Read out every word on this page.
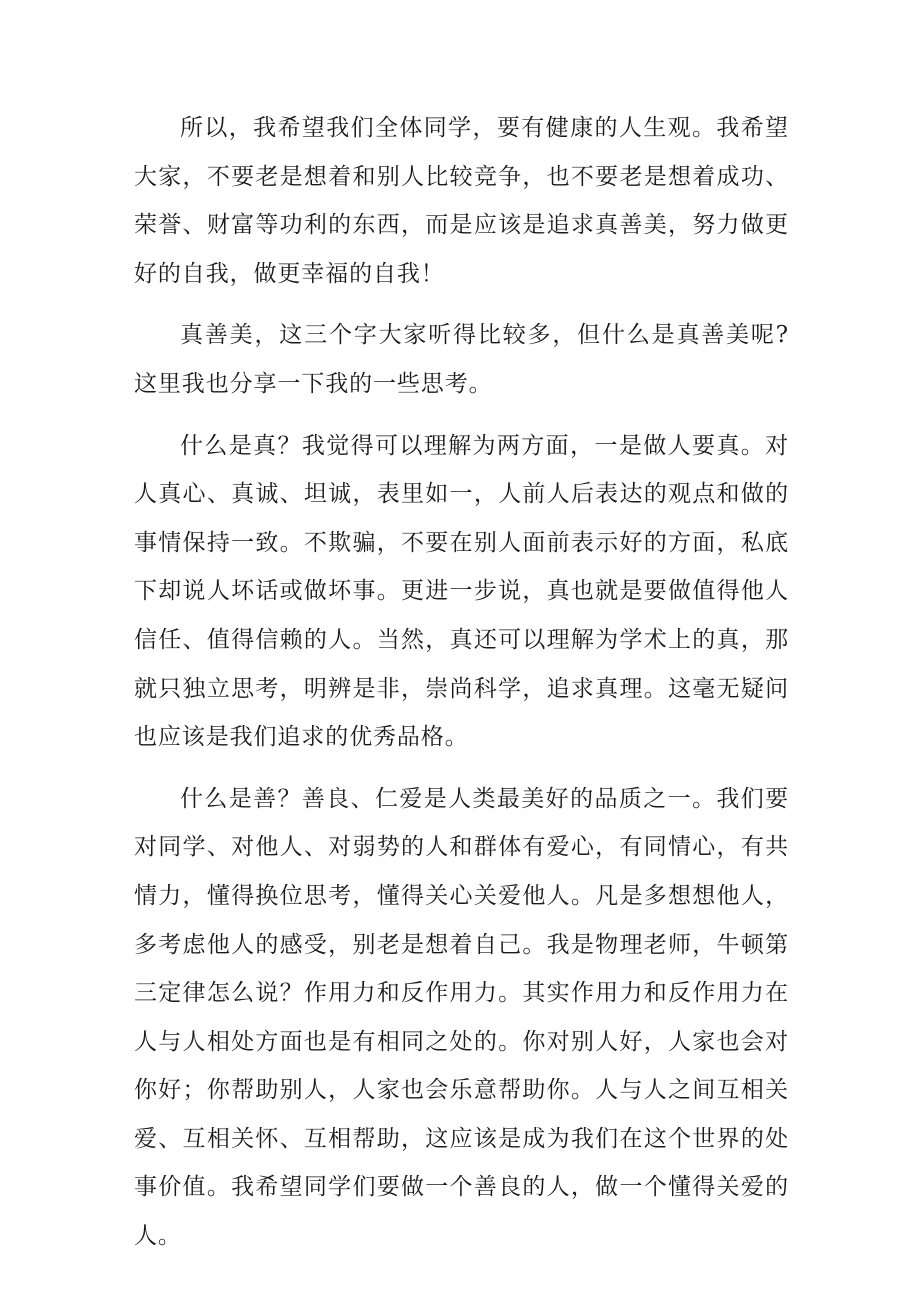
所以，我希望我们全体同学，要有健康的人生观。我希望大家，不要老是想着和别人比较竞争，也不要老是想着成功、荣誉、财富等功利的东西，而是应该是追求真善美，努力做更好的自我，做更幸福的自我！

真善美，这三个字大家听得比较多，但什么是真善美呢?这里我也分享一下我的一些思考。

什么是真？我觉得可以理解为两方面，一是做人要真。对人真心、真诚、坦诚，表里如一，人前人后表达的观点和做的事情保持一致。不欺骗，不要在别人面前表示好的方面，私底下却说人坏话或做坏事。更进一步说，真也就是要做值得他人信任、值得信赖的人。当然，真还可以理解为学术上的真，那就只独立思考，明辨是非，崇尚科学，追求真理。这毫无疑问也应该是我们追求的优秀品格。

什么是善？善良、仁爱是人类最美好的品质之一。我们要对同学、对他人、对弱势的人和群体有爱心，有同情心，有共情力，懂得换位思考，懂得关心关爱他人。凡是多想想他人，多考虑他人的感受，别老是想着自己。我是物理老师，牛顿第三定律怎么说？作用力和反作用力。其实作用力和反作用力在人与人相处方面也是有相同之处的。你对别人好，人家也会对你好；你帮助别人，人家也会乐意帮助你。人与人之间互相关爱、互相关怀、互相帮助，这应该是成为我们在这个世界的处事价值。我希望同学们要做一个善良的人，做一个懂得关爱的人。
